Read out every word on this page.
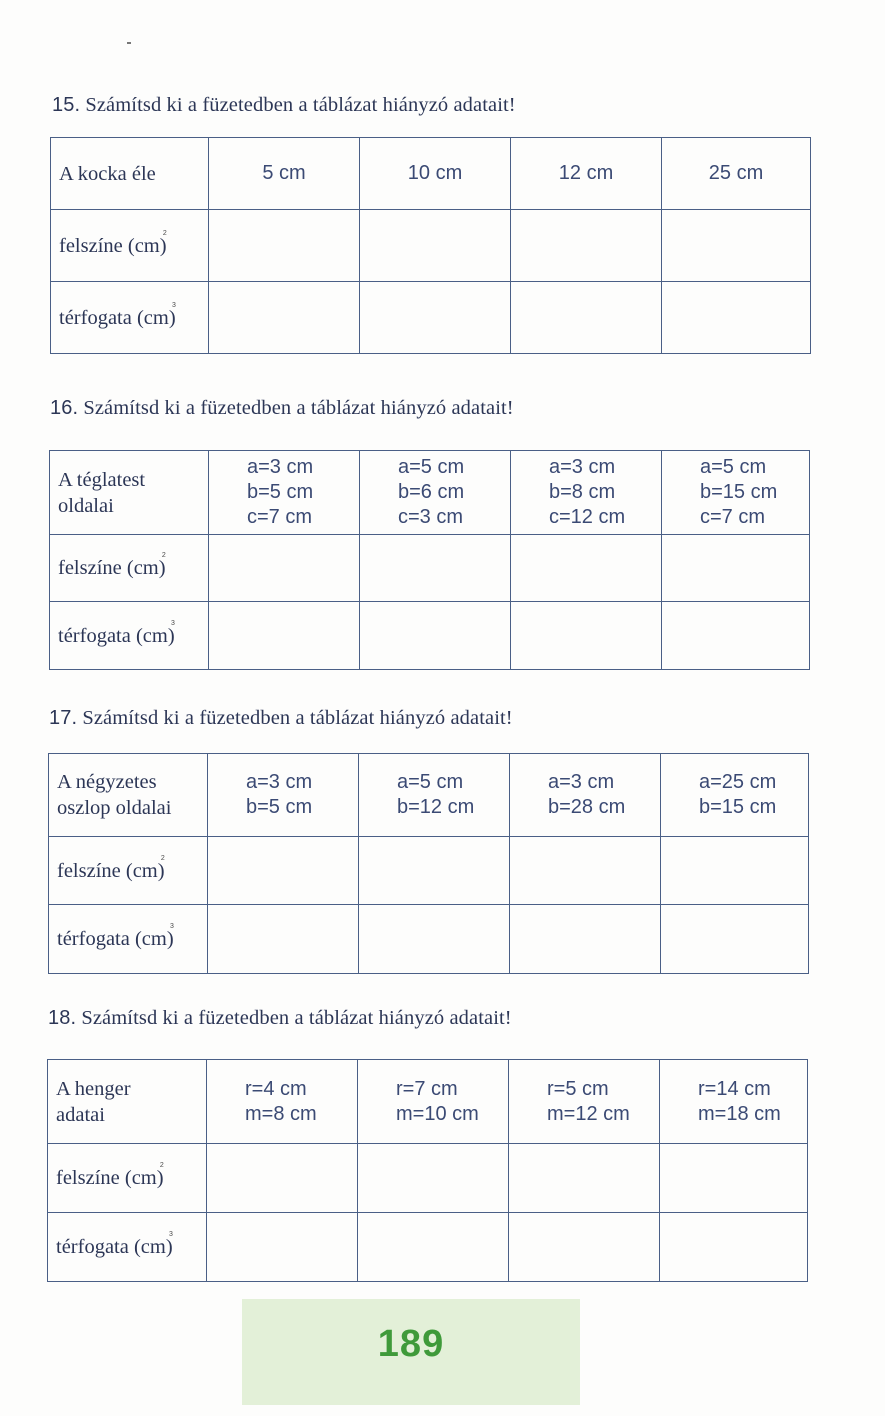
15. Számítsd ki a füzetedben a táblázat hiányzó adatait!
A kocka éle	5 cm	10 cm	12 cm	25 cm

felszíne (cm
2
)				
térfogata (cm
3
)				
16. Számítsd ki a füzetedben a táblázat hiányzó adatait!
A téglatest
oldalai	a=3 cm
b=5 cm
c=7 cm	a=5 cm
b=6 cm
c=3 cm	a=3 cm
b=8 cm
c=12 cm	a=5 cm
b=15 cm
c=7 cm

felszíne (cm
2
)				
térfogata (cm
3
)				
17. Számítsd ki a füzetedben a táblázat hiányzó adatait!
A négyzetes
oszlop oldalai	a=3 cm
b=5 cm	a=5 cm
b=12 cm	a=3 cm
b=28 cm	a=25 cm
b=15 cm

felszíne (cm
2
)				
térfogata (cm
3
)				
18. Számítsd ki a füzetedben a táblázat hiányzó adatait!
A henger
adatai	r=4 cm
m=8 cm	r=7 cm
m=10 cm	r=5 cm
m=12 cm	r=14 cm
m=18 cm

felszíne (cm
2
)				
térfogata (cm
3
)				
189
